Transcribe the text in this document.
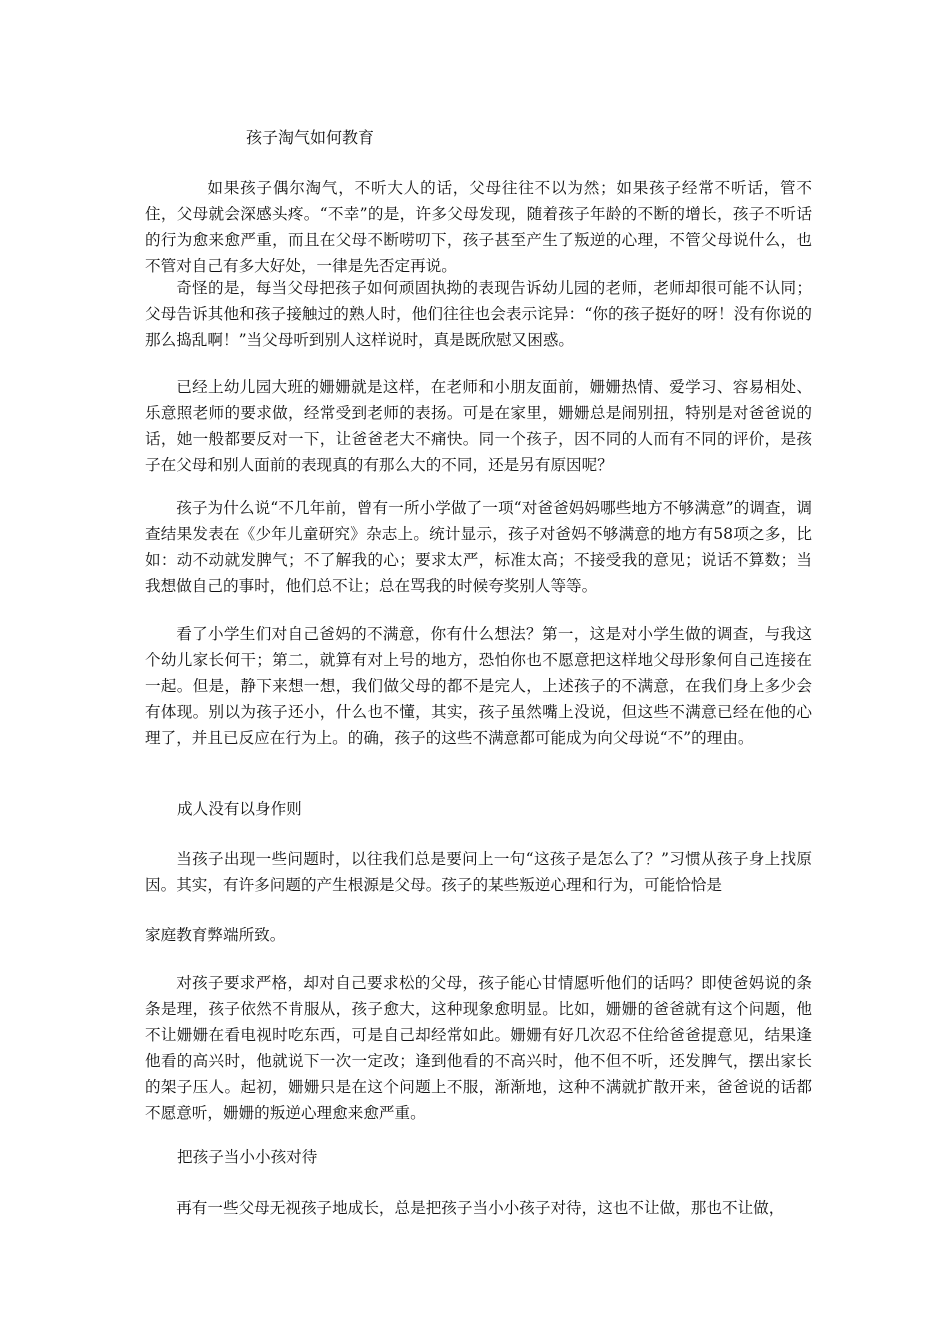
孩子淘气如何教育

如果孩子偶尔淘气，不听大人的话，父母往往不以为然；如果孩子经常不听话，管不住，父母就会深感头疼。“不幸”的是，许多父母发现，随着孩子年龄的不断的增长，孩子不听话的行为愈来愈严重，而且在父母不断唠叨下，孩子甚至产生了叛逆的心理，不管父母说什么，也不管对自己有多大好处，一律是先否定再说。

奇怪的是，每当父母把孩子如何顽固执拗的表现告诉幼儿园的老师，老师却很可能不认同；父母告诉其他和孩子接触过的熟人时，他们往往也会表示诧异：“你的孩子挺好的呀！没有你说的那么捣乱啊！”当父母听到别人这样说时，真是既欣慰又困惑。

已经上幼儿园大班的姗姗就是这样，在老师和小朋友面前，姗姗热情、爱学习、容易相处、乐意照老师的要求做，经常受到老师的表扬。可是在家里，姗姗总是闹别扭，特别是对爸爸说的话，她一般都要反对一下，让爸爸老大不痛快。同一个孩子，因不同的人而有不同的评价，是孩子在父母和别人面前的表现真的有那么大的不同，还是另有原因呢？

孩子为什么说“不几年前，曾有一所小学做了一项“对爸爸妈妈哪些地方不够满意”的调查，调查结果发表在《少年儿童研究》杂志上。统计显示，孩子对爸妈不够满意的地方有58项之多，比如：动不动就发脾气；不了解我的心；要求太严，标准太高；不接受我的意见；说话不算数；当我想做自己的事时，他们总不让；总在骂我的时候夸奖别人等等。

看了小学生们对自己爸妈的不满意，你有什么想法？第一，这是对小学生做的调查，与我这个幼儿家长何干；第二，就算有对上号的地方，恐怕你也不愿意把这样地父母形象何自己连接在一起。但是，静下来想一想，我们做父母的都不是完人，上述孩子的不满意，在我们身上多少会有体现。别以为孩子还小，什么也不懂，其实，孩子虽然嘴上没说，但这些不满意已经在他的心理了，并且已反应在行为上。的确，孩子的这些不满意都可能成为向父母说“不”的理由。

成人没有以身作则

当孩子出现一些问题时，以往我们总是要问上一句“这孩子是怎么了？”习惯从孩子身上找原因。其实，有许多问题的产生根源是父母。孩子的某些叛逆心理和行为，可能恰恰是

家庭教育弊端所致。

对孩子要求严格，却对自己要求松的父母，孩子能心甘情愿听他们的话吗？即使爸妈说的条条是理，孩子依然不肯服从，孩子愈大，这种现象愈明显。比如，姗姗的爸爸就有这个问题，他不让姗姗在看电视时吃东西，可是自己却经常如此。姗姗有好几次忍不住给爸爸提意见，结果逢他看的高兴时，他就说下一次一定改；逢到他看的不高兴时，他不但不听，还发脾气，摆出家长的架子压人。起初，姗姗只是在这个问题上不服，渐渐地，这种不满就扩散开来，爸爸说的话都不愿意听，姗姗的叛逆心理愈来愈严重。

把孩子当小小孩对待

再有一些父母无视孩子地成长，总是把孩子当小小孩子对待，这也不让做，那也不让做，
